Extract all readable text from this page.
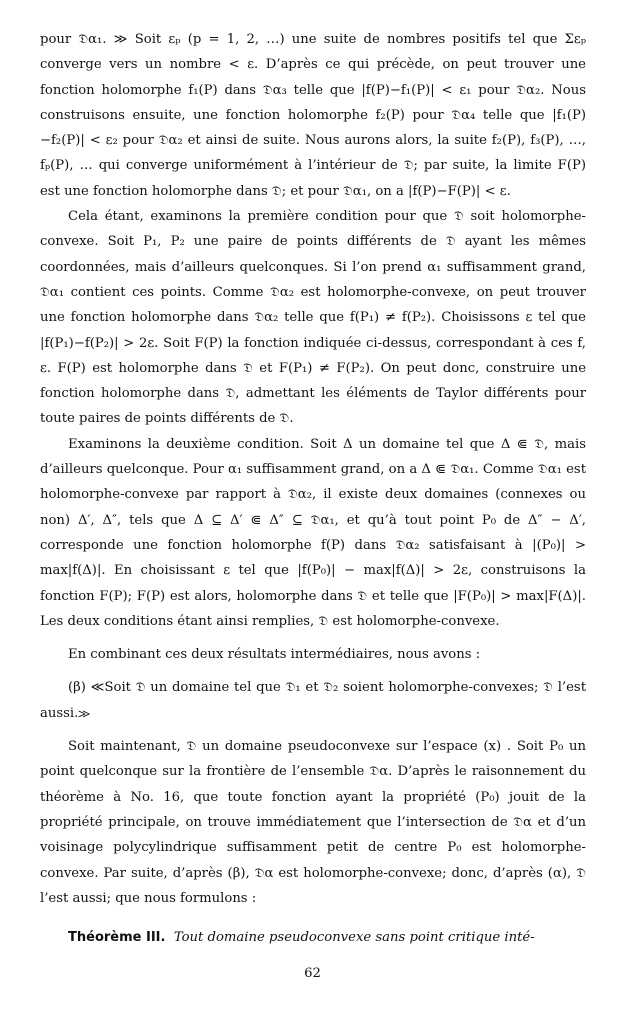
pour 𝔇α₁. ≫ Soit εₚ (p = 1, 2, …) une suite de nombres positifs tel que Σεₚ converge vers un nombre < ε. D’après ce qui précède, on peut trouver une fonction holomorphe f₁(P) dans 𝔇α₃ telle que |f(P)−f₁(P)| < ε₁ pour 𝔇α₂. Nous construisons ensuite, une fonction holomorphe f₂(P) pour 𝔇α₄ telle que |f₁(P)−f₂(P)| < ε₂ pour 𝔇α₂ et ainsi de suite. Nous aurons alors, la suite f₂(P), f₃(P), …, fₚ(P), … qui converge uniformément à l’intérieur de 𝔇; par suite, la limite F(P) est une fonction holomorphe dans 𝔇; et pour 𝔇α₁, on a |f(P)−F(P)| < ε.

Cela étant, examinons la première condition pour que 𝔇 soit holomorphe-convexe. Soit P₁, P₂ une paire de points différents de 𝔇 ayant les mêmes coordonnées, mais d’ailleurs quelconques. Si l’on prend α₁ suffisamment grand, 𝔇α₁ contient ces points. Comme 𝔇α₂ est holomorphe-convexe, on peut trouver une fonction holomorphe dans 𝔇α₂ telle que f(P₁) ≠ f(P₂). Choisissons ε tel que |f(P₁)−f(P₂)| > 2ε. Soit F(P) la fonction indiquée ci-dessus, correspondant à ces f, ε. F(P) est holomorphe dans 𝔇 et F(P₁) ≠ F(P₂). On peut donc, construire une fonction holomorphe dans 𝔇, admettant les éléments de Taylor différents pour toute paires de points différents de 𝔇.

Examinons la deuxième condition. Soit Δ un domaine tel que Δ ⋐ 𝔇, mais d’ailleurs quelconque. Pour α₁ suffisamment grand, on a Δ ⋐ 𝔇α₁. Comme 𝔇α₁ est holomorphe-convexe par rapport à 𝔇α₂, il existe deux domaines (connexes ou non) Δ′, Δ″, tels que Δ ⊆ Δ′ ⋐ Δ″ ⊆ 𝔇α₁, et qu’à tout point P₀ de Δ″ − Δ′, corresponde une fonction holomorphe f(P) dans 𝔇α₂ satisfaisant à |(P₀)| > max|f(Δ)|. En choisissant ε tel que |f(P₀)| − max|f(Δ)| > 2ε, construisons la fonction F(P); F(P) est alors, holomorphe dans 𝔇 et telle que |F(P₀)| > max|F(Δ)|. Les deux conditions étant ainsi remplies, 𝔇 est holomorphe-convexe.

En combinant ces deux résultats intermédiaires, nous avons :

(β) ≪Soit 𝔇 un domaine tel que 𝔇₁ et 𝔇₂ soient holomorphe-convexes; 𝔇 l’est aussi.≫

Soit maintenant, 𝔇 un domaine pseudoconvexe sur l’espace (x) . Soit P₀ un point quelconque sur la frontière de l’ensemble 𝔇α. D’après le raisonnement du théorème à No. 16, que toute fonction ayant la propriété (P₀) jouit de la propriété principale, on trouve immédiatement que l’intersection de 𝔇α et d’un voisinage polycylindrique suffisamment petit de centre P₀ est holomorphe-convexe. Par suite, d’après (β), 𝔇α est holomorphe-convexe; donc, d’après (α), 𝔇 l’est aussi; que nous formulons :

Théorème III. Tout domaine pseudoconvexe sans point critique inté-

62
